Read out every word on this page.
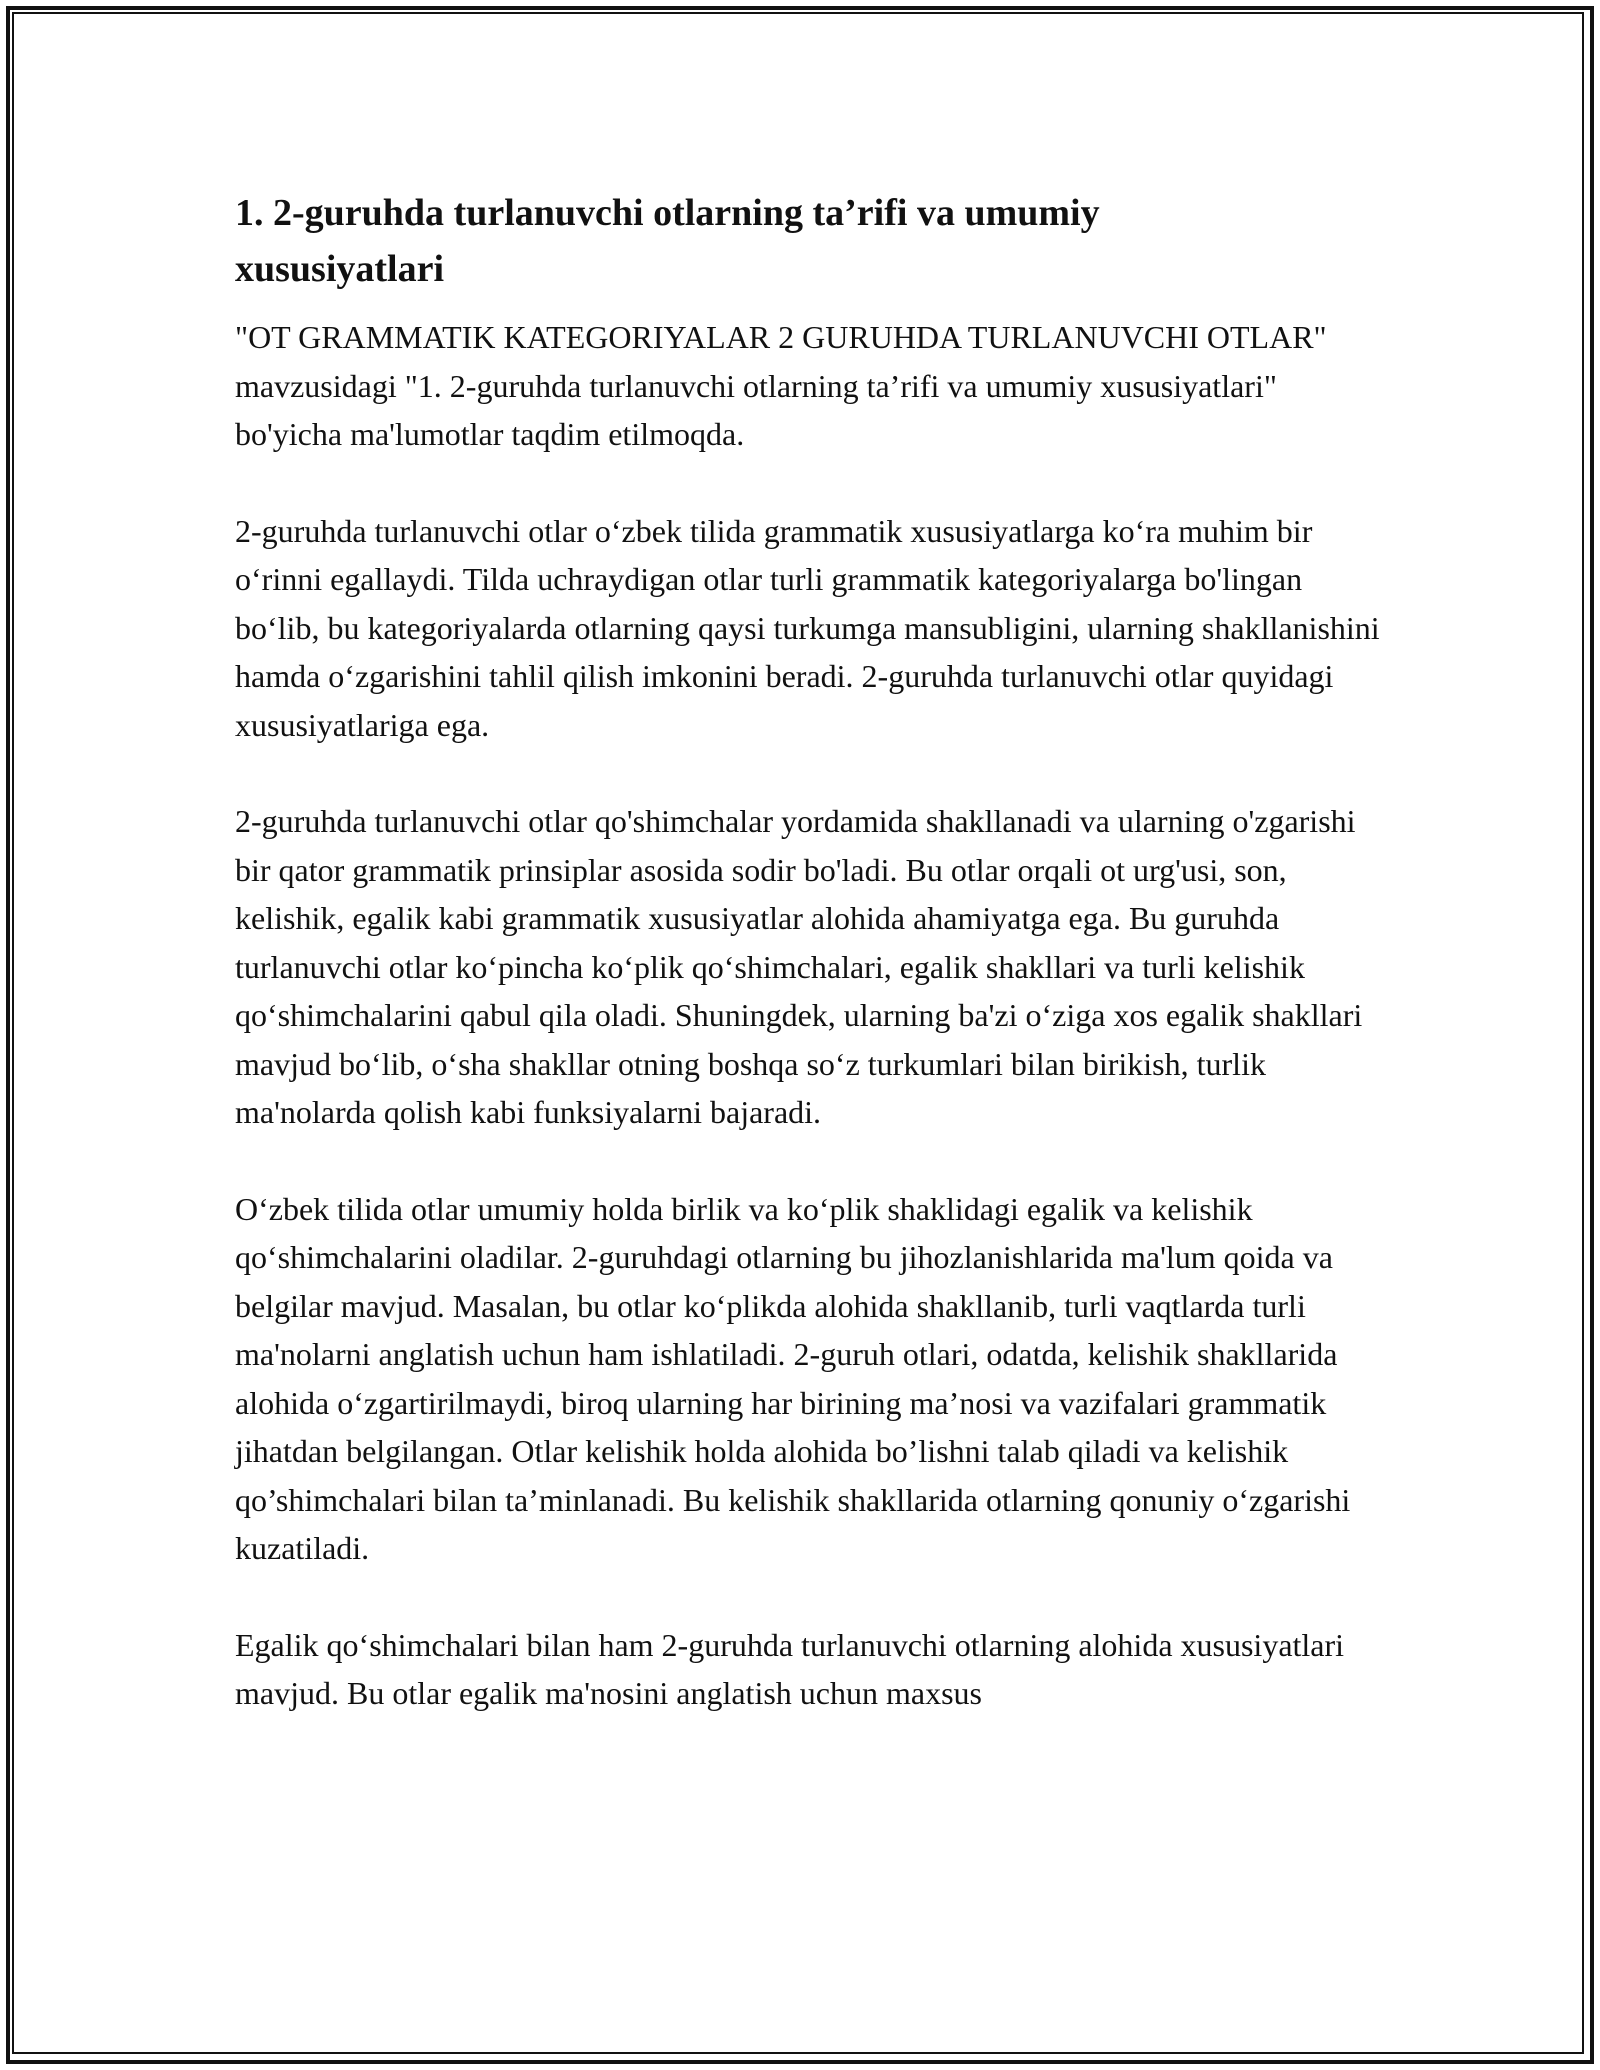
1. 2-guruhda turlanuvchi otlarning ta’rifi va umumiy xususiyatlari

"OT GRAMMATIK KATEGORIYALAR 2 GURUHDA TURLANUVCHI OTLAR" mavzusidagi "1. 2-guruhda turlanuvchi otlarning ta’rifi va umumiy xususiyatlari" bo'yicha ma'lumotlar taqdim etilmoqda.

2-guruhda turlanuvchi otlar o‘zbek tilida grammatik xususiyatlarga ko‘ra muhim bir o‘rinni egallaydi. Tilda uchraydigan otlar turli grammatik kategoriyalarga bo'lingan bo‘lib, bu kategoriyalarda otlarning qaysi turkumga mansubligini, ularning shakllanishini hamda o‘zgarishini tahlil qilish imkonini beradi. 2-guruhda turlanuvchi otlar quyidagi xususiyatlariga ega.

2-guruhda turlanuvchi otlar qo'shimchalar yordamida shakllanadi va ularning o'zgarishi bir qator grammatik prinsiplar asosida sodir bo'ladi. Bu otlar orqali ot urg'usi, son, kelishik, egalik kabi grammatik xususiyatlar alohida ahamiyatga ega. Bu guruhda turlanuvchi otlar ko‘pincha ko‘plik qo‘shimchalari, egalik shakllari va turli kelishik qo‘shimchalarini qabul qila oladi. Shuningdek, ularning ba'zi o‘ziga xos egalik shakllari mavjud bo‘lib, o‘sha shakllar otning boshqa so‘z turkumlari bilan birikish, turlik ma'nolarda qolish kabi funksiyalarni bajaradi.

O‘zbek tilida otlar umumiy holda birlik va ko‘plik shaklidagi egalik va kelishik qo‘shimchalarini oladilar. 2-guruhdagi otlarning bu jihozlanishlarida ma'lum qoida va belgilar mavjud. Masalan, bu otlar ko‘plikda alohida shakllanib, turli vaqtlarda turli ma'nolarni anglatish uchun ham ishlatiladi. 2-guruh otlari, odatda, kelishik shakllarida alohida o‘zgartirilmaydi, biroq ularning har birining ma’nosi va vazifalari grammatik jihatdan belgilangan. Otlar kelishik holda alohida bo’lishni talab qiladi va kelishik qo’shimchalari bilan ta’minlanadi. Bu kelishik shakllarida otlarning qonuniy o‘zgarishi kuzatiladi.

Egalik qo‘shimchalari bilan ham 2-guruhda turlanuvchi otlarning alohida xususiyatlari mavjud. Bu otlar egalik ma'nosini anglatish uchun maxsus
